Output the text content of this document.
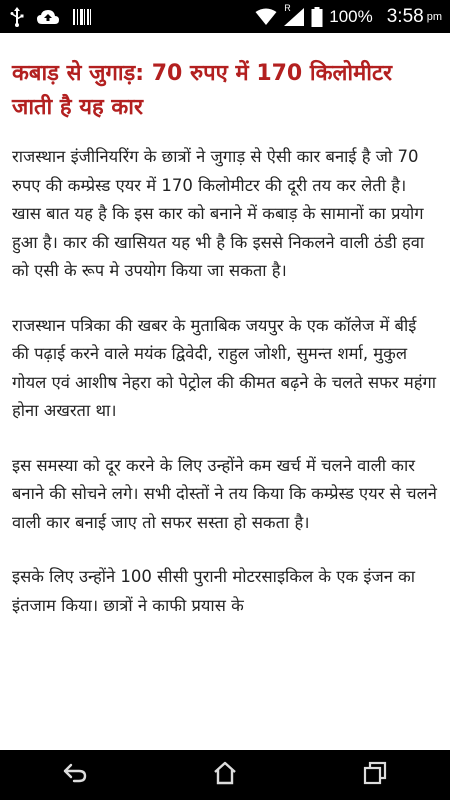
R 100% 3:58 pm
कबाड़ से जुगाड़: 70 रुपए में 170 किलोमीटर जाती है यह कार

राजस्थान इंजीनियरिंग के छात्रों ने जुगाड़ से ऐसी कार बनाई है जो 70 रुपए की कम्प्रेस्ड एयर में 170 किलोमीटर की दूरी तय कर लेती है। खास बात यह है कि इस कार को बनाने में कबाड़ के सामानों का प्रयोग हुआ है। कार की खासियत यह भी है कि इससे निकलने वाली ठंडी हवा को एसी के रूप मे उपयोग किया जा सकता है।

राजस्थान पत्रिका की खबर के मुताबिक जयपुर के एक कॉलेज में बीई की पढ़ाई करने वाले मयंक द्विवेदी, राहुल जोशी, सुमन्त शर्मा, मुकुल गोयल एवं आशीष नेहरा को पेट्रोल की कीमत बढ़ने के चलते सफर महंगा होना अखरता था।

इस समस्या को दूर करने के लिए उन्होंने कम खर्च में चलने वाली कार बनाने की सोचने लगे। सभी दोस्तों ने तय किया कि कम्प्रेस्ड एयर से चलने वाली कार बनाई जाए तो सफर सस्ता हो सकता है।

इसके लिए उन्होंने 100 सीसी पुरानी मोटरसाइकिल के एक इंजन का इंतजाम किया। छात्रों ने काफी प्रयास के
